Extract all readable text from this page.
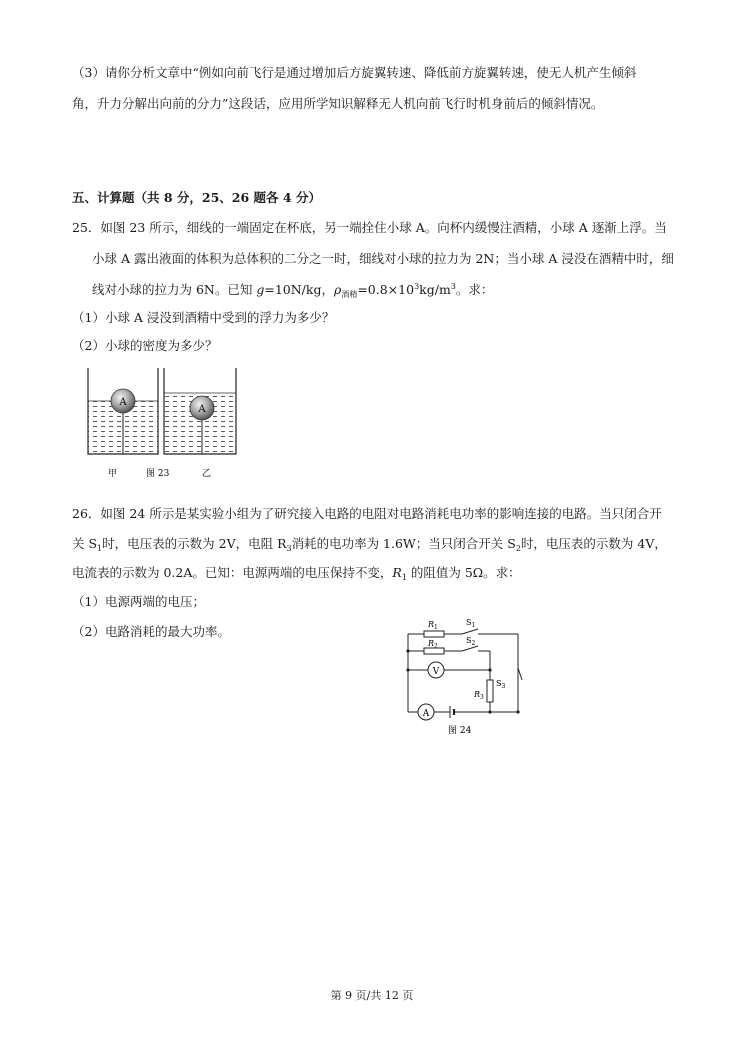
（3）请你分析文章中“例如向前飞行是通过增加后方旋翼转速、降低前方旋翼转速，使无人机产生倾斜
角，升力分解出向前的分力”这段话，应用所学知识解释无人机向前飞行时机身前后的倾斜情况。
五、计算题（共 8 分，25、26 题各 4 分）
25．如图 23 所示，细线的一端固定在杯底，另一端拴住小球 A。向杯内缓慢注酒精，小球 A 逐渐上浮。当
小球 A 露出液面的体积为总体积的二分之一时，细线对小球的拉力为 2N；当小球 A 浸没在酒精中时，细
线对小球的拉力为 6N。已知 g=10N/kg，$\rho_{酒精}=0.8\times 10^3kg/m^3$。求：
（1）小球 A 浸没到酒精中受到的浮力为多少？
（2）小球的密度为多少？
A
A
甲	图 23	乙
26．如图 24 所示是某实验小组为了研究接入电路的电阻对电路消耗电功率的影响连接的电路。当只闭合开
关 $S_1$时，电压表的示数为 2V，电阻 $R_3$消耗的电功率为 1.6W；当只闭合开关 $S_2$时，电压表的示数为 4V，
电流表的示数为 0.2A。已知：电源两端的电压保持不变，$R_1$ 的阻值为 5Ω。求：
（1）电源两端的电压；
（2）电路消耗的最大功率。
V
A
$R_1$
$S_1$
$R_2$
$S_2$
$S_3$
$R_3$
图 24
第 9 页/共 12 页
